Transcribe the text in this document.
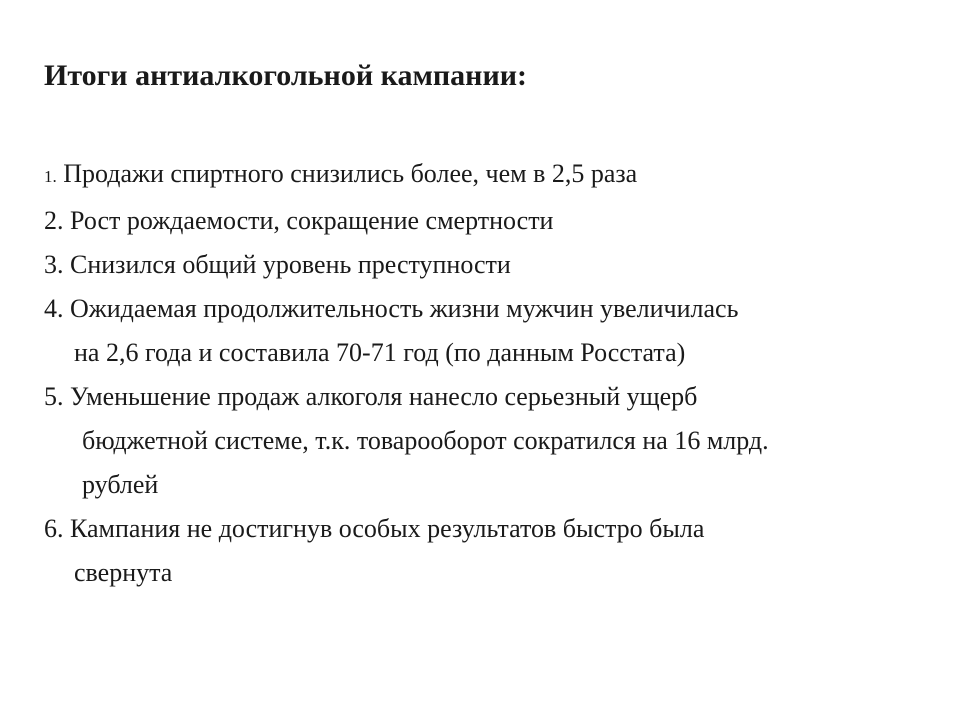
Итоги антиалкогольной кампании:
1. Продажи спиртного снизились более, чем в 2,5 раза
2. Рост рождаемости, сокращение смертности
3. Снизился общий уровень преступности
4. Ожидаемая продолжительность жизни мужчин увеличилась
на 2,6 года и составила 70-71 год (по данным Росстата)
5. Уменьшение продаж алкоголя нанесло серьезный ущерб
бюджетной системе, т.к. товарооборот сократился на 16 млрд.
рублей
6. Кампания не достигнув особых результатов быстро была
свернута
